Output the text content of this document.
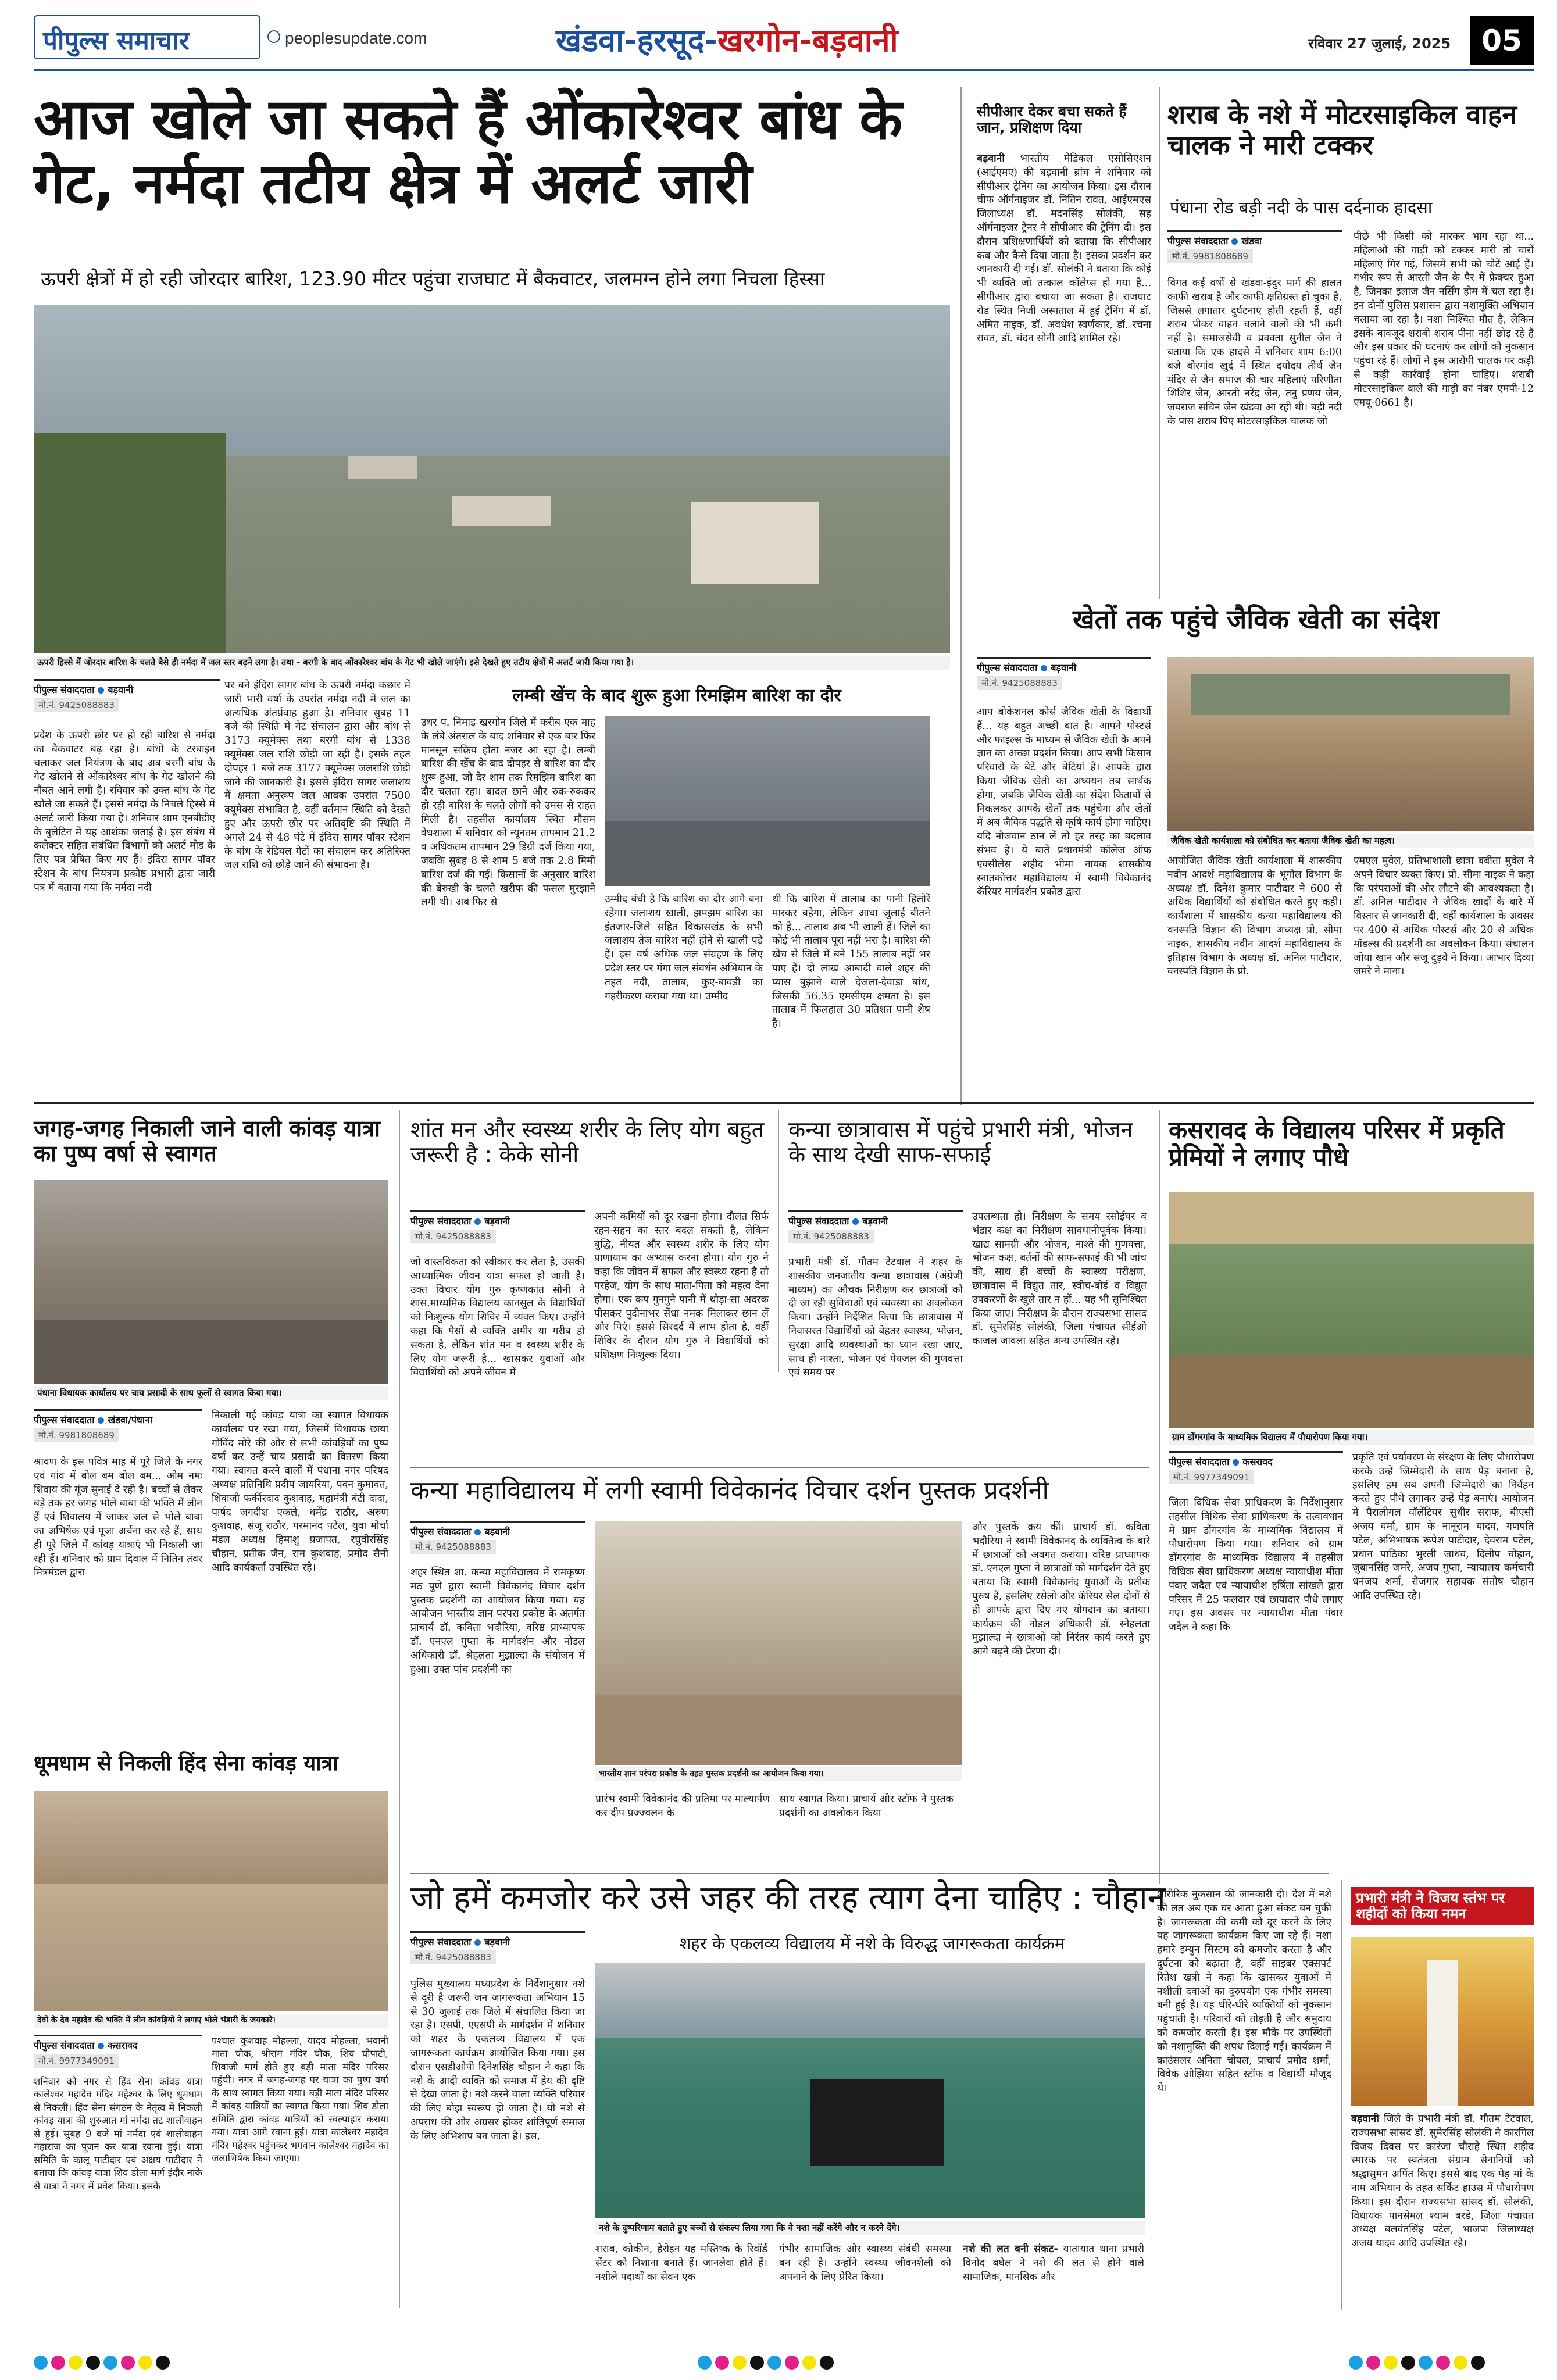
पीपुल्स समाचार	peoplesupdate.com	खंडवा-हरसूद-खरगोन-बड़वानी	रविवार 27 जुलाई, 2025	05
आज खोले जा सकते हैं ओंकारेश्वर बांध के गेट, नर्मदा तटीय क्षेत्र में अलर्ट जारी
ऊपरी क्षेत्रों में हो रही जोरदार बारिश, 123.90 मीटर पहुंचा राजघाट में बैकवाटर, जलमग्न होने लगा निचला हिस्सा
ऊपरी हिस्से में जोरदार बारिश के चलते बैसे ही नर्मदा में जल स्तर बढ़ने लगा है। तथा - बरगी के बाद ओंकारेश्वर बांध के गेट भी खोले जाएंगे। इसे देखते हुए तटीय क्षेत्रों में अलर्ट जारी किया गया है।
पीपुल्स संवाददाता बड़वानी
मो.नं. 9425088883
प्रदेश के ऊपरी छोर पर हो रही बारिश से नर्मदा का बैकवाटर बढ़ रहा है। बांधों के टरबाइन चलाकर जल नियंत्रण के बाद अब बरगी बांध के गेट खोलने से ओंकारेश्वर बांध के गेट खोलने की नौबत आने लगी है। रविवार को उक्त बांध के गेट खोले जा सकते हैं। इससे नर्मदा के निचले हिस्से में अलर्ट जारी किया गया है। शनिवार शाम एनबीडीए के बुलेटिन में यह आशंका जताई है। इस संबंध में कलेक्टर सहित संबंधित विभागों को अलर्ट मोड के लिए पत्र प्रेषित किए गए हैं। इंदिरा सागर पॉवर स्टेशन के बांध नियंत्रण प्रकोष्ठ प्रभारी द्वारा जारी पत्र में बताया गया कि नर्मदा नदी
पर बने इंदिरा सागर बांध के ऊपरी नर्मदा कछार में जारी भारी वर्षा के उपरांत नर्मदा नदी में जल का अत्यधिक अंतर्प्रवाह हुआ है। शनिवार सुबह 11 बजे की स्थिति में गेट संचालन द्वारा और बांध से 3173 क्यूमेक्स तथा बरगी बांध से 1338 क्यूमेक्स जल राशि छोड़ी जा रही है। इसके तहत दोपहर 1 बजे तक 3177 क्यूमेक्स जलराशि छोड़ी जाने की जानकारी है। इससे इंदिरा सागर जलाशय में क्षमता अनुरूप जल आवक उपरांत 7500 क्यूमेक्स संभावित है, वहीं वर्तमान स्थिति को देखते हुए और ऊपरी छोर पर अतिवृष्टि की स्थिति में अगले 24 से 48 घंटे में इंदिरा सागर पॉवर स्टेशन के बांध के रेडियल गेटों का संचालन कर अतिरिक्त जल राशि को छोड़े जाने की संभावना है।
लम्बी खेंच के बाद शुरू हुआ रिमझिम बारिश का दौर
उधर प. निमाड़ खरगोन जिले में करीब एक माह के लंबे अंतराल के बाद शनिवार से एक बार फिर मानसून सक्रिय होता नजर आ रहा है। लम्बी बारिश की खेंच के बाद दोपहर से बारिश का दौर शुरू हुआ, जो देर शाम तक रिमझिम बारिश का दौर चलता रहा। बादल छाने और रुक-रुककर हो रही बारिश के चलते लोगों को उमस से राहत मिली है। तहसील कार्यालय स्थित मौसम वेधशाला में शनिवार को न्यूनतम तापमान 21.2 व अधिकतम तापमान 29 डिग्री दर्ज किया गया, जबकि सुबह 8 से शाम 5 बजे तक 2.8 मिमी बारिश दर्ज की गई। किसानों के अनुसार बारिश की बेरुखी के चलते खरीफ की फसल मुरझाने लगी थी। अब फिर से	उम्मीद बंधी है कि बारिश का दौर आगे बना रहेगा। जलाशय खाली, झमझम बारिश का इंतजार-जिले सहित विकासखंड के सभी जलाशय तेज बारिश नहीं होने से खाली पड़े हैं। इस वर्ष अधिक जल संग्रहण के लिए प्रदेश स्तर पर गंगा जल संवर्धन अभियान के तहत नदी, तालाब, कुए-बावड़ी का गहरीकरण कराया गया था। उम्मीद
थी कि बारिश में तालाब का पानी हिलोरें मारकर बहेगा, लेकिन आधा जुलाई बीतने को है... तालाब अब भी खाली हैं। जिले का कोई भी तालाब पूरा नहीं भरा है। बारिश की खेंच से जिले में बने 155 तालाब नहीं भर पाए हैं। दो लाख आबादी वाले शहर की प्यास बुझाने वाले देजला-देवाड़ा बांध, जिसकी 56.35 एमसीएम क्षमता है। इस तालाब में फिलहाल 30 प्रतिशत पानी शेष है।
सीपीआर देकर बचा सकते हैं जान, प्रशिक्षण दिया
बड़वानी भारतीय मेडिकल एसोसिएशन (आईएमए) की बड़वानी ब्रांच ने शनिवार को सीपीआर ट्रेनिंग का आयोजन किया। इस दौरान चीफ ऑर्गनाइजर डॉ. नितिन रावत, आईएमएस जिलाध्यक्ष डॉ. मदनसिंह सोलंकी, सह ऑर्गनाइजर ट्रेनर ने सीपीआर की ट्रेनिंग दी। इस दौरान प्रशिक्षणार्थियों को बताया कि सीपीआर कब और कैसे दिया जाता है। इसका प्रदर्शन कर जानकारी दी गई। डॉ. सोलंकी ने बताया कि कोई भी व्यक्ति जो तत्काल कॉलेप्स हो गया है... सीपीआर द्वारा बचाया जा सकता है। राजघाट रोड स्थित निजी अस्पताल में हुई ट्रेनिंग में डॉ. अमित नाइक, डॉ. अवधेश स्वर्णकार, डॉ. रचना रावत, डॉ. चंदन सोनी आदि शामिल रहे।
शराब के नशे में मोटरसाइकिल वाहन चालक ने मारी टक्कर
पंधाना रोड बड़ी नदी के पास दर्दनाक हादसा
पीपुल्स संवाददाता खंडवा
मो.नं. 9981808689
विगत कई वर्षों से खंडवा-इंदुर मार्ग की हालत काफी खराब है और काफी क्षतिग्रस्त हो चुका है, जिससे लगातार दुर्घटनाएं होती रहती हैं, वहीं शराब पीकर वाहन चलाने वालों की भी कमी नहीं है। समाजसेवी व प्रवक्ता सुनील जैन ने बताया कि एक हादसे में शनिवार शाम 6:00 बजे बोरगांव खुर्द में स्थित दयोदय तीर्थ जैन मंदिर से जैन समाज की चार महिलाएं परिणीता शिशिर जैन, आरती नरेंद्र जैन, तनु प्रणय जैन, जयराज सचिन जैन खंडवा आ रही थी। बड़ी नदी के पास शराब पिए मोटरसाइकिल चालक जो
पीछे भी किसी को मारकर भाग रहा था... महिलाओं की गाड़ी को टक्कर मारी तो चारों महिलाएं गिर गई, जिसमें सभी को चोटें आई हैं। गंभीर रूप से आरती जैन के पैर में फ्रेक्चर हुआ है, जिनका इलाज जैन नर्सिंग होम में चल रहा है। इन दोनों पुलिस प्रशासन द्वारा नशामुक्ति अभियान चलाया जा रहा है। नशा निश्चित मौत है, लेकिन इसके बावजूद शराबी शराब पीना नहीं छोड़ रहे हैं और इस प्रकार की घटनाएं कर लोगों को नुकसान पहुंचा रहे हैं। लोगों ने इस आरोपी चालक पर कड़ी से कड़ी कार्रवाई होना चाहिए। शराबी मोटरसाइकिल वाले की गाड़ी का नंबर एमपी-12 एमयू-0661 है।
खेतों तक पहुंचे जैविक खेती का संदेश
पीपुल्स संवाददाता बड़वानी
मो.नं. 9425088883
आप बोकेशनल कोर्स जैविक खेती के विद्यार्थी हैं... यह बहुत अच्छी बात है। आपने पोस्टर्स और फाइल्स के माध्यम से जैविक खेती के अपने ज्ञान का अच्छा प्रदर्शन किया। आप सभी किसान परिवारों के बेटे और बेटियां हैं। आपके द्वारा किया जैविक खेती का अध्ययन तब सार्थक होगा, जबकि जैविक खेती का संदेश किताबों से निकलकर आपके खेतों तक पहुंचेगा और खेतों में अब जैविक पद्धति से कृषि कार्य होगा चाहिए। यदि नौजवान ठान लें तो हर तरह का बदलाव संभव है। ये बातें प्रधानमंत्री कॉलेज ऑफ एक्सीलेंस शहीद भीमा नायक शासकीय स्नातकोत्तर महाविद्यालय में स्वामी विवेकानंद कॅरियर मार्गदर्शन प्रकोष्ठ द्वारा
जैविक खेती कार्यशाला को संबोधित कर बताया जैविक खेती का महत्व।
आयोजित जैविक खेती कार्यशाला में शासकीय नवीन आदर्श महाविद्यालय के भूगोल विभाग के अध्यक्ष डॉ. दिनेश कुमार पाटीदार ने 600 से अधिक विद्यार्थियों को संबोधित करते हुए कही। कार्यशाला में शासकीय कन्या महाविद्यालय की वनस्पति विज्ञान की विभाग अध्यक्ष प्रो. सीमा नाइक, शासकीय नवीन आदर्श महाविद्यालय के इतिहास विभाग के अध्यक्ष डॉ. अनिल पाटीदार, वनस्पति विज्ञान के प्रो.
एमएल मुवेल, प्रतिभाशाली छात्रा बबीता मुवेल ने अपने विचार व्यक्त किए। प्रो. सीमा नाइक ने कहा कि परंपराओं की ओर लौटने की आवश्यकता है। डॉ. अनिल पाटीदार ने जैविक खादों के बारे में विस्तार से जानकारी दी, वहीं कार्यशाला के अवसर पर 400 से अधिक पोस्टर्स और 20 से अधिक मॉडल्स की प्रदर्शनी का अवलोकन किया। संचालन जोया खान और संजू दुड़वे ने किया। आभार दिव्या जमरे ने माना।
जगह-जगह निकाली जाने वाली कांवड़ यात्रा का पुष्प वर्षा से स्वागत
पंधाना विधायक कार्यालय पर चाय प्रसादी के साथ फूलों से स्वागत किया गया।
पीपुल्स संवाददाता खंडवा/पंधाना
मो.नं. 9981808689
श्रावण के इस पवित्र माह में पूरे जिले के नगर एवं गांव में बोल बम बोल बम... ओम नमः शिवाय की गूंज सुनाई दे रही है। बच्चों से लेकर बड़े तक हर जगह भोले बाबा की भक्ति में लीन हैं एवं शिवालय में जाकर जल से भोले बाबा का अभिषेक एवं पूजा अर्चना कर रहे हैं, साथ ही पूरे जिले में कांवड़ यात्राएं भी निकाली जा रही हैं। शनिवार को ग्राम दिवाल में नितिन तंवर मित्रमंडल द्वारा
निकाली गई कांवड़ यात्रा का स्वागत विधायक कार्यालय पर रखा गया, जिसमें विधायक छाया गोविंद मोरे की ओर से सभी कांवड़ियों का पुष्प वर्षा कर उन्हें चाय प्रसादी का वितरण किया गया। स्वागत करने वालों में पंधाना नगर परिषद अध्यक्ष प्रतिनिधि प्रदीप जायरिया, पवन कुमावत, शिवाजी फर्कीरदाद कुशवाह, महामंत्री बंटी दादा, पार्षद जगदीश एकले, धर्मेंद्र राठौर, अरुण कुशवाह, संजू राठौर, परमानंद पटेल, युवा मोर्चा मंडल अध्यक्ष हिमांशु प्रजापत, रघुवीरसिंह चौहान, प्रतीक जैन, राम कुशवाह, प्रमोद सैनी आदि कार्यकर्ता उपस्थित रहे।
धूमधाम से निकली हिंद सेना कांवड़ यात्रा
देवों के देव महादेव की भक्ति में लीन कांवड़ियों ने लगाए भोले भंडारी के जयकारे।
पीपुल्स संवाददाता कसरावद
मो.नं. 9977349091
शनिवार को नगर से हिंद सेना कांवड़ यात्रा कालेश्वर महादेव मंदिर महेश्वर के लिए धूमधाम से निकली। हिंद सेना संगठन के नेतृत्व में निकली कांवड़ यात्रा की शुरुआत मां नर्मदा तट शालीवाहन से हुई। सुबह 9 बजे मां नर्मदा एवं शालीवाहन महाराज का पूजन कर यात्रा रवाना हुई। यात्रा समिति के कालू पाटीदार एवं अक्षय पाटीदार ने बताया कि कांवड़ यात्रा शिव डोला मार्ग इंदौर नाके से यात्रा ने नगर में प्रवेश किया। इसके
पश्चात कुशवाह मोहल्ला, यादव मोहल्ला, भवानी माता चौक, श्रीराम मंदिर चौक, शिव चौपाटी, शिवाजी मार्ग होते हुए बड़ी माता मंदिर परिसर पहुंची। नगर में जगह-जगह पर यात्रा का पुष्प वर्षा के साथ स्वागत किया गया। बड़ी माता मंदिर परिसर में कांवड़ यात्रियों का स्वागत किया गया। शिव डोला समिति द्वारा कांवड़ यात्रियों को स्वल्पाहार कराया गया। यात्रा आगे रवाना हुई। यात्रा कालेश्वर महादेव मंदिर महेश्वर पहुंचकर भगवान कालेश्वर महादेव का जलाभिषेक किया जाएगा।
शांत मन और स्वस्थ्य शरीर के लिए योग बहुत जरूरी है : केके सोनी
पीपुल्स संवाददाता बड़वानी
मो.नं. 9425088883
जो वास्तविकता को स्वीकार कर लेता है, उसकी आध्यात्मिक जीवन यात्रा सफल हो जाती है। उक्त विचार योग गुरु कृष्णकांत सोनी ने शास.माध्यमिक विद्यालय कानसुल के विद्यार्थियों को निःशुल्क योग शिविर में व्यक्त किए। उन्होंने कहा कि पैसों से व्यक्ति अमीर या गरीब हो सकता है, लेकिन शांत मन व स्वस्थ्य शरीर के लिए योग जरूरी है... खासकर युवाओं और विद्यार्थियों को अपने जीवन में
अपनी कमियों को दूर रखना होगा। दौलत सिर्फ रहन-सहन का स्तर बदल सकती है, लेकिन बुद्धि, नीयत और स्वस्थ्य शरीर के लिए योग प्राणायाम का अभ्यास करना होगा। योग गुरु ने कहा कि जीवन में सफल और स्वस्थ्य रहना है तो परहेज, योग के साथ माता-पिता को महत्व देना होगा। एक कप गुनगुने पानी में थोड़ा-सा अदरक पीसकर पुदीनाभर सेंधा नमक मिलाकर छान लें और पिएं। इससे सिरदर्द में लाभ होता है, वहीं शिविर के दौरान योग गुरु ने विद्यार्थियों को प्रशिक्षण निःशुल्क दिया।
कन्या छात्रावास में पहुंचे प्रभारी मंत्री, भोजन के साथ देखी साफ-सफाई
पीपुल्स संवाददाता बड़वानी
मो.नं. 9425088883
प्रभारी मंत्री डॉ. गौतम टेटवाल ने शहर के शासकीय जनजातीय कन्या छात्रावास (अंग्रेजी माध्यम) का औचक निरीक्षण कर छात्राओं को दी जा रही सुविधाओं एवं व्यवस्था का अवलोकन किया। उन्होंने निर्देशित किया कि छात्रावास में निवासरत विद्यार्थियों को बेहतर स्वास्थ्य, भोजन, सुरक्षा आदि व्यवस्थाओं का ध्यान रखा जाए, साथ ही नाश्ता, भोजन एवं पेयजल की गुणवत्ता एवं समय पर
उपलब्धता हो। निरीक्षण के समय रसोईघर व भंडार कक्ष का निरीक्षण सावधानीपूर्वक किया। खाद्य सामग्री और भोजन, नाश्ते की गुणवत्ता, भोजन कक्ष, बर्तनों की साफ-सफाई की भी जांच की, साथ ही बच्चों के स्वास्थ्य परीक्षण, छात्रावास में विद्युत तार, स्वीच-बोर्ड व विद्युत उपकरणों के खुले तार न हों... यह भी सुनिश्चित किया जाए। निरीक्षण के दौरान राज्यसभा सांसद डॉ. सुमेरसिंह सोलंकी, जिला पंचायत सीईओ काजल जावला सहित अन्य उपस्थित रहे।
कसरावद के विद्यालय परिसर में प्रकृति प्रेमियों ने लगाए पौधे
ग्राम डोंगरगांव के माध्यमिक विद्यालय में पौधारोपण किया गया।
पीपुल्स संवाददाता कसरावद
मो.नं. 9977349091
जिला विधिक सेवा प्राधिकरण के निर्देशानुसार तहसील विधिक सेवा प्राधिकरण के तत्वावधान में ग्राम डोंगरगांव के माध्यमिक विद्यालय में पौधारोपण किया गया। शनिवार को ग्राम डोंगरगांव के माध्यमिक विद्यालय में तहसील विधिक सेवा प्राधिकरण अध्यक्ष न्यायाधीश मीता पंवार जदैल एवं न्यायाधीश हर्षिता सांखले द्वारा परिसर में 25 फलदार एवं छायादार पौधे लगाए गए। इस अवसर पर न्यायाधीश मीता पंवार जदैल ने कहा कि
प्रकृति एवं पर्यावरण के संरक्षण के लिए पौधारोपण करके उन्हें जिम्मेदारी के साथ पेड़ बनाना है, इसलिए हम सब अपनी जिम्मेदारी का निर्वहन करते हुए पौधे लगाकर उन्हें पेड़ बनाएं। आयोजन में पैरालीगल वॉलेंटियर सुधीर सराफ, बीएसी अजय वर्मा, ग्राम के नानूराम यादव, गणपति पटेल, अभिभाषक रूपेश पाटीदार, देवराम पटेल, प्रधान पाठिका भुरली जाधव, दिलीप चौहान, जुबानसिंह जमरे, अजय गुप्ता, न्यायालय कर्मचारी धनंजय शर्मा, रोजगार सहायक संतोष चौहान आदि उपस्थित रहे।
कन्या महाविद्यालय में लगी स्वामी विवेकानंद विचार दर्शन पुस्तक प्रदर्शनी
पीपुल्स संवाददाता बड़वानी
मो.नं. 9425088883
शहर स्थित शा. कन्या महाविद्यालय में रामकृष्ण मठ पुणे द्वारा स्वामी विवेकानंद विचार दर्शन पुस्तक प्रदर्शनी का आयोजन किया गया। यह आयोजन भारतीय ज्ञान परंपरा प्रकोष्ठ के अंतर्गत प्राचार्य डॉ. कविता भदौरिया, वरिष्ठ प्राध्यापक डॉ. एनएल गुप्ता के मार्गदर्शन और नोडल अधिकारी डॉ. श्रेहलता मुझाल्दा के संयोजन में हुआ। उक्त पांच प्रदर्शनी का
भारतीय ज्ञान परंपरा प्रकोष्ठ के तहत पुस्तक प्रदर्शनी का आयोजन किया गया।
प्रारंभ स्वामी विवेकानंद की प्रतिमा पर माल्यार्पण कर दीप प्रज्ज्वलन के
साथ स्वागत किया। प्राचार्य और स्टॉफ ने पुस्तक प्रदर्शनी का अवलोकन किया
और पुस्तकें क्रय कीं। प्राचार्य डॉ. कविता भदौरिया ने स्वामी विवेकानंद के व्यक्तित्व के बारे में छात्राओं को अवगत कराया। वरिष्ठ प्राध्यापक डॉ. एनएल गुप्ता ने छात्राओं को मार्गदर्शन देते हुए बताया कि स्वामी विवेकानंद युवाओं के प्रतीक पुरुष हैं, इसलिए रसेलो और कॅरियर सेल दोनों से ही आपके द्वारा दिए गए योगदान का बताया। कार्यक्रम की नोडल अधिकारी डॉ. स्नेहलता मुझाल्दा ने छात्राओं को निरंतर कार्य करते हुए आगे बढ़ने की प्रेरणा दी।
जो हमें कमजोर करे उसे जहर की तरह त्याग देना चाहिए : चौहान
पीपुल्स संवाददाता बड़वानी
मो.नं. 9425088883
पुलिस मुख्यालय मध्यप्रदेश के निर्देशानुसार नशे से दूरी है जरूरी जन जागरूकता अभियान 15 से 30 जुलाई तक जिले में संचालित किया जा रहा है। एसपी, एएसपी के मार्गदर्शन में शनिवार को शहर के एकलव्य विद्यालय में एक जागरूकता कार्यक्रम आयोजित किया गया। इस दौरान एसडीओपी दिनेशसिंह चौहान ने कहा कि नशे के आदी व्यक्ति को समाज में हेय की दृष्टि से देखा जाता है। नशे करने वाला व्यक्ति परिवार की लिए बोझ स्वरूप हो जाता है। यो नशे से अपराध की ओर अग्रसर होकर शांतिपूर्ण समाज के लिए अभिशाप बन जाता है। इस,
शहर के एकलव्य विद्यालय में नशे के विरुद्ध जागरूकता कार्यक्रम
नशे के दुष्परिणाम बताते हुए बच्चों से संकल्प लिया गया कि वे नशा नहीं करेंगे और न करने देंगे।
शराब, कोकीन, हेरोइन यह मस्तिष्क के रिवॉर्ड सेंटर को निशाना बनाते हैं। जानलेवा होते हैं। नशीले पदार्थों का सेवन एक
गंभीर सामाजिक और स्वास्थ्य संबंधी समस्या बन रही है। उन्होंने स्वस्थ्य जीवनशैली को अपनाने के लिए प्रेरित किया।
नशे की लत बनी संकट- यातायात थाना प्रभारी विनोद बघेल ने नशे की लत से होने वाले सामाजिक, मानसिक और
शारीरिक नुकसान की जानकारी दी। देश में नशे की लत अब एक घर आता हुआ संकट बन चुकी है। जागरूकता की कमी को दूर करने के लिए यह जागरूकता कार्यक्रम किए जा रहे हैं। नशा हमारे इम्युन सिस्टम को कमजोर करता है और दुर्घटना को बढ़ाता है, वहीं साइबर एक्सपर्ट रितेश खत्री ने कहा कि खासकर युवाओं में नशीली दवाओं का दुरुपयोग एक गंभीर समस्या बनी हुई है। यह धीरे-धीरे व्यक्तियों को नुकसान पहुंचाती है। परिवारों को तोड़ती है और समुदाय को कमजोर करती है। इस मौके पर उपस्थितों को नशामुक्ति की शपथ दिलाई गई। कार्यक्रम में काउंसलर अनिता चोयल, प्राचार्य प्रमोद शर्मा, विवेक ओझिया सहित स्टॉफ व विद्यार्थी मौजूद थे।
प्रभारी मंत्री ने विजय स्तंभ पर शहीदों को किया नमन
बड़वानी जिले के प्रभारी मंत्री डॉ. गौतम टेटवाल, राज्यसभा सांसद डॉ. सुमेरसिंह सोलंकी ने कारगिल विजय दिवस पर कारंजा चौराहे स्थित शहीद स्मारक पर स्वतंत्रता संग्राम सेनानियों को श्रद्धासुमन अर्पित किए। इससे बाद एक पेड़ मां के नाम अभियान के तहत सर्किट हाउस में पौधारोपण किया। इस दौरान राज्यसभा सांसद डॉ. सोलंकी, विधायक पानसेमल श्याम बरडे, जिला पंचायत अध्यक्ष बलवंतसिंह पटेल, भाजपा जिलाध्यक्ष अजय यादव आदि उपस्थित रहे।
